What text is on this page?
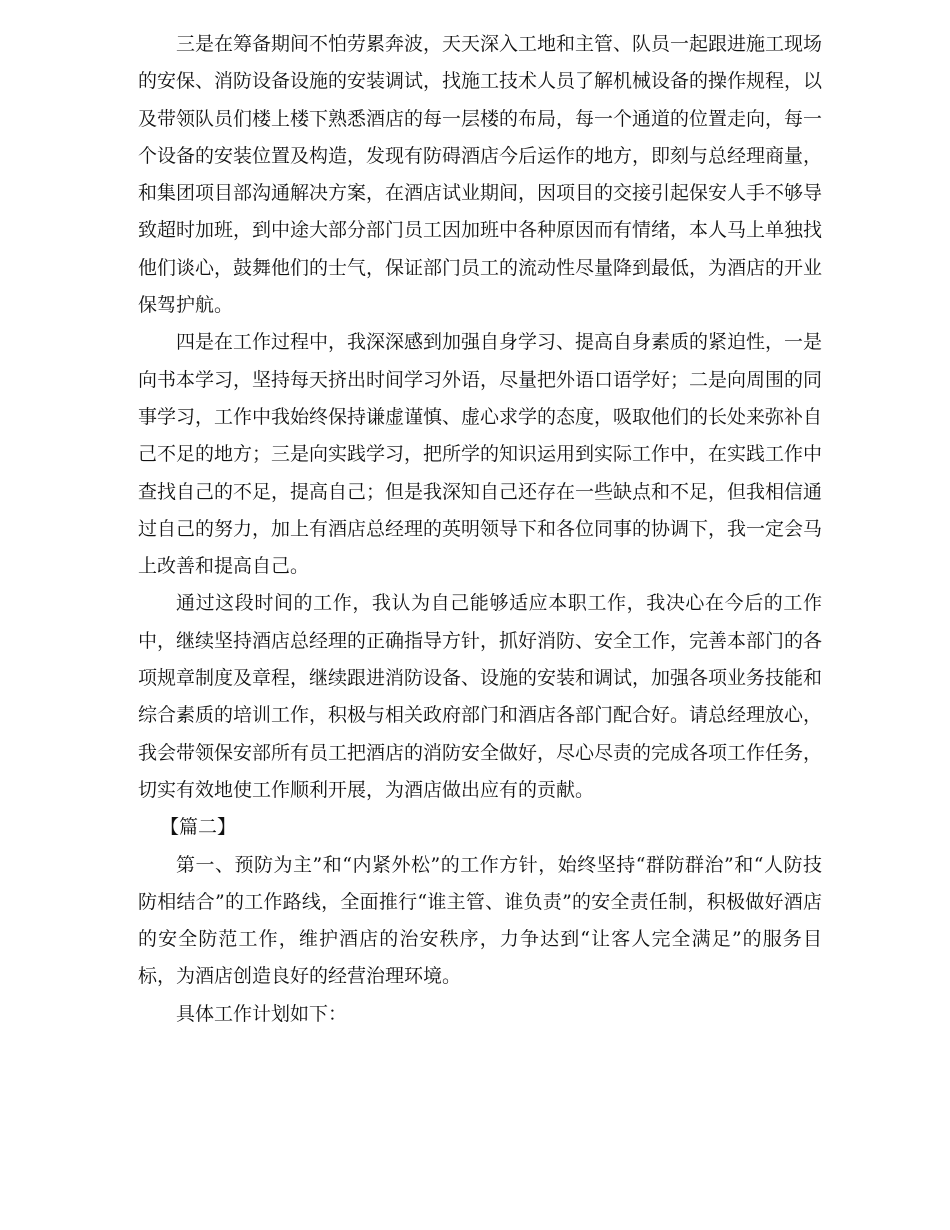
三是在筹备期间不怕劳累奔波，天天深入工地和主管、队员一起跟进施工现场的安保、消防设备设施的安装调试，找施工技术人员了解机械设备的操作规程，以及带领队员们楼上楼下熟悉酒店的每一层楼的布局，每一个通道的位置走向，每一个设备的安装位置及构造，发现有防碍酒店今后运作的地方，即刻与总经理商量，和集团项目部沟通解决方案，在酒店试业期间，因项目的交接引起保安人手不够导致超时加班，到中途大部分部门员工因加班中各种原因而有情绪，本人马上单独找他们谈心，鼓舞他们的士气，保证部门员工的流动性尽量降到最低，为酒店的开业保驾护航。

四是在工作过程中，我深深感到加强自身学习、提高自身素质的紧迫性，一是向书本学习，坚持每天挤出时间学习外语，尽量把外语口语学好；二是向周围的同事学习，工作中我始终保持谦虚谨慎、虚心求学的态度，吸取他们的长处来弥补自己不足的地方；三是向实践学习，把所学的知识运用到实际工作中，在实践工作中查找自己的不足，提高自己；但是我深知自己还存在一些缺点和不足，但我相信通过自己的努力，加上有酒店总经理的英明领导下和各位同事的协调下，我一定会马上改善和提高自己。

通过这段时间的工作，我认为自己能够适应本职工作，我决心在今后的工作中，继续坚持酒店总经理的正确指导方针，抓好消防、安全工作，完善本部门的各项规章制度及章程，继续跟进消防设备、设施的安装和调试，加强各项业务技能和综合素质的培训工作，积极与相关政府部门和酒店各部门配合好。请总经理放心，我会带领保安部所有员工把酒店的消防安全做好，尽心尽责的完成各项工作任务，切实有效地使工作顺利开展，为酒店做出应有的贡献。

【篇二】

第一、预防为主”和“内紧外松”的工作方针，始终坚持“群防群治”和“人防技防相结合”的工作路线，全面推行“谁主管、谁负责”的安全责任制，积极做好酒店的安全防范工作，维护酒店的治安秩序，力争达到“让客人完全满足”的服务目标，为酒店创造良好的经营治理环境。

具体工作计划如下：
